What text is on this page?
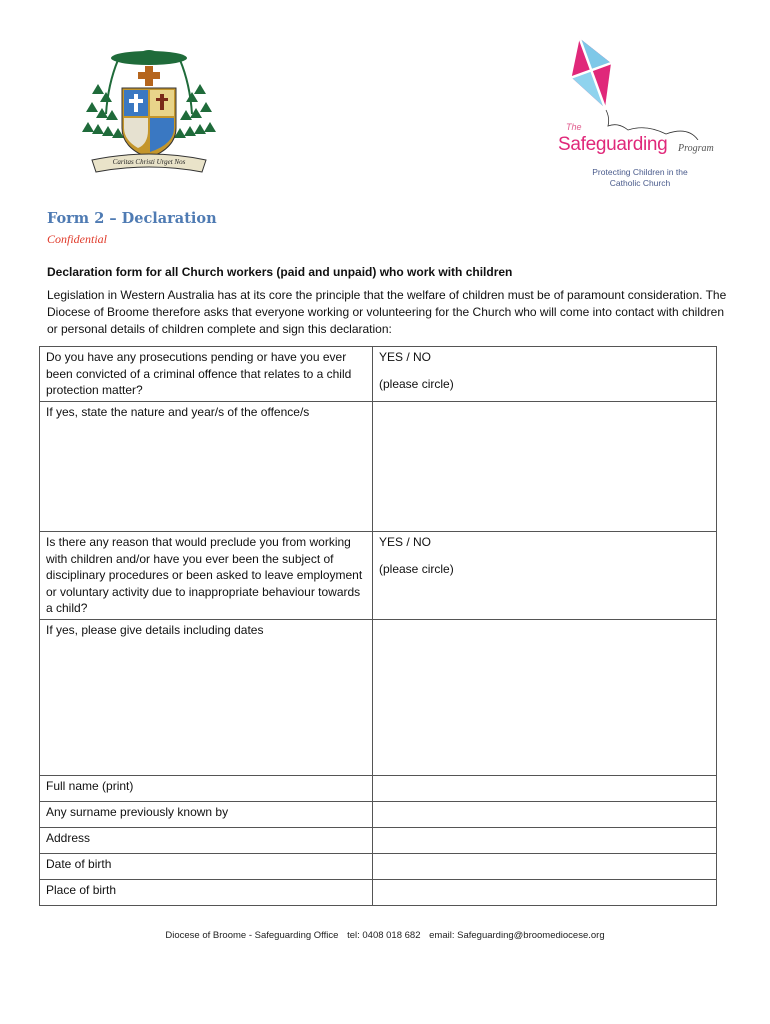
Caritas Christi Urget Nos
The
Safeguarding Program
Protecting Children in the
Catholic Church
Form 2 – Declaration
Confidential
Declaration form for all Church workers (paid and unpaid) who work with children
Legislation in Western Australia has at its core the principle that the welfare of children must be of paramount consideration. The Diocese of Broome therefore asks that everyone working or volunteering for the Church who will come into contact with children or personal details of children complete and sign this declaration:
Do you have any prosecutions pending or have you ever been convicted of a criminal offence that relates to a child protection matter?	YES / NO
(please circle)

If yes, state the nature and year/s of the offence/s	
Is there any reason that would preclude you from working with children and/or have you ever been the subject of disciplinary procedures or been asked to leave employment or voluntary activity due to inappropriate behaviour towards a child?	YES / NO
(please circle)

If yes, please give details including dates	
Full name (print)	
Any surname previously known by	
Address	
Date of birth	
Place of birth	
Diocese of Broome - Safeguarding Office tel: 0408 018 682 email: Safeguarding@broomediocese.org
